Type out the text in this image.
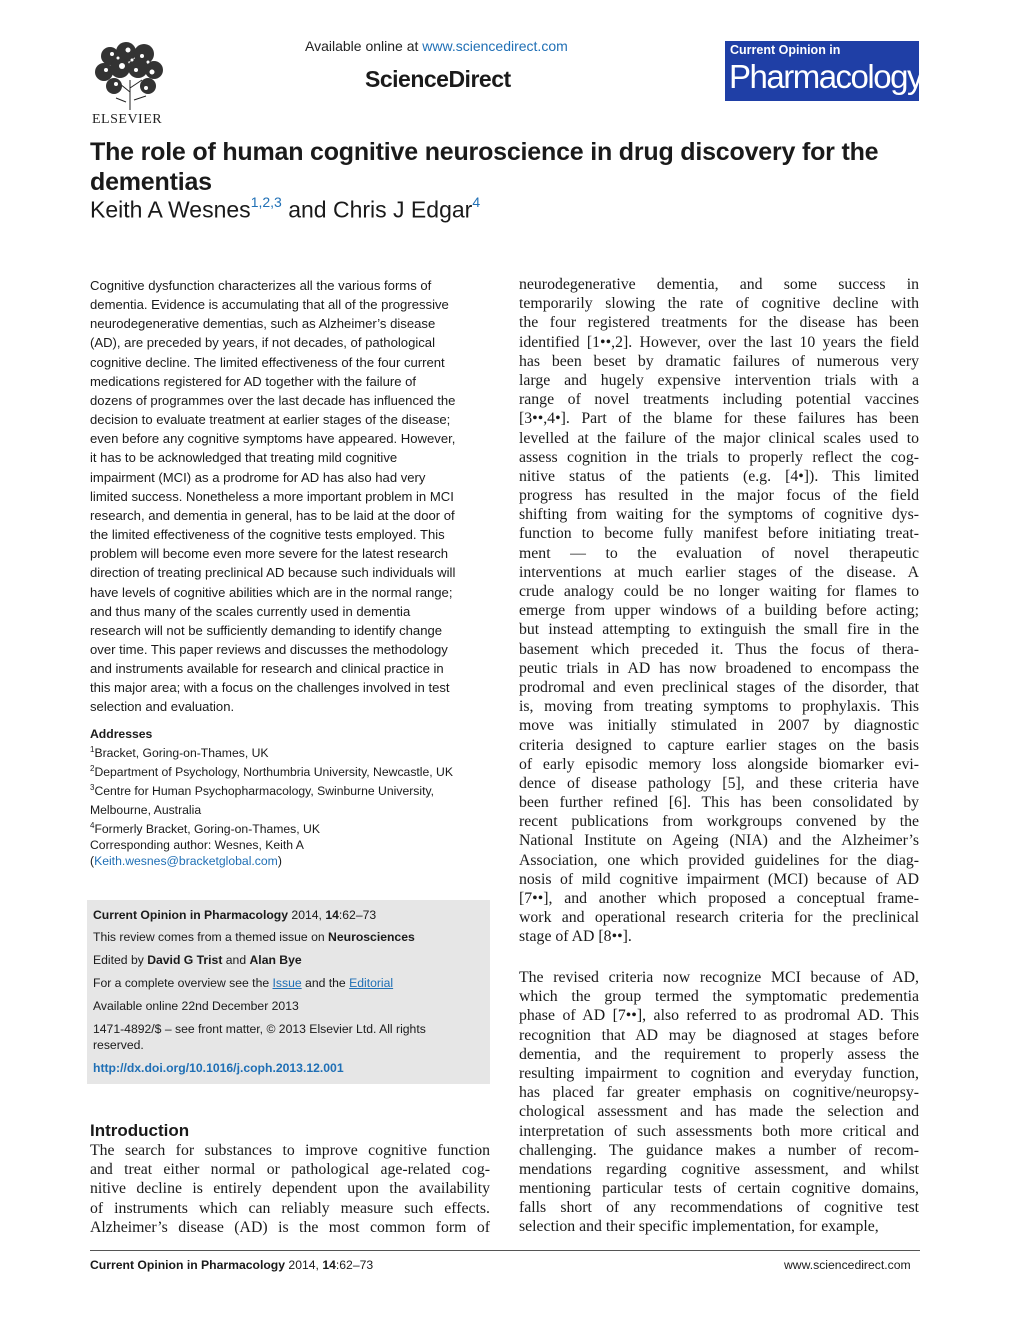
ELSEVIER
Available online at www.sciencedirect.com
ScienceDirect
Current Opinion in
Pharmacology
The role of human cognitive neuroscience in drug discovery for the dementias
Keith A Wesnes$^{1,2,3}$ and Chris J Edgar$^4$
Cognitive dysfunction characterizes all the various forms of
dementia. Evidence is accumulating that all of the progressive
neurodegenerative dementias, such as Alzheimer’s disease
(AD), are preceded by years, if not decades, of pathological
cognitive decline. The limited effectiveness of the four current
medications registered for AD together with the failure of
dozens of programmes over the last decade has influenced the
decision to evaluate treatment at earlier stages of the disease;
even before any cognitive symptoms have appeared. However,
it has to be acknowledged that treating mild cognitive
impairment (MCI) as a prodrome for AD has also had very
limited success. Nonetheless a more important problem in MCI
research, and dementia in general, has to be laid at the door of
the limited effectiveness of the cognitive tests employed. This
problem will become even more severe for the latest research
direction of treating preclinical AD because such individuals will
have levels of cognitive abilities which are in the normal range;
and thus many of the scales currently used in dementia
research will not be sufficiently demanding to identify change
over time. This paper reviews and discusses the methodology
and instruments available for research and clinical practice in
this major area; with a focus on the challenges involved in test
selection and evaluation.
Addresses
$^1$Bracket, Goring-on-Thames, UK
$^2$Department of Psychology, Northumbria University, Newcastle, UK
$^3$Centre for Human Psychopharmacology, Swinburne University,
Melbourne, Australia
$^4$Formerly Bracket, Goring-on-Thames, UK
Corresponding author: Wesnes, Keith A
(Keith.wesnes@bracketglobal.com)
Current Opinion in Pharmacology 2014, 14:62–73
This review comes from a themed issue on Neurosciences
Edited by David G Trist and Alan Bye
For a complete overview see the Issue and the Editorial
Available online 22nd December 2013
1471-4892/$ – see front matter, © 2013 Elsevier Ltd. All rights
reserved.
http://dx.doi.org/10.1016/j.coph.2013.12.001
Introduction
The search for substances to improve cognitive function
and treat either normal or pathological age-related cog-
nitive decline is entirely dependent upon the availability
of instruments which can reliably measure such effects.
Alzheimer’s disease (AD) is the most common form of
neurodegenerative dementia, and some success in
temporarily slowing the rate of cognitive decline with
the four registered treatments for the disease has been
identified [1••,2]. However, over the last 10 years the field
has been beset by dramatic failures of numerous very
large and hugely expensive intervention trials with a
range of novel treatments including potential vaccines
[3••,4•]. Part of the blame for these failures has been
levelled at the failure of the major clinical scales used to
assess cognition in the trials to properly reflect the cog-
nitive status of the patients (e.g. [4•]). This limited
progress has resulted in the major focus of the field
shifting from waiting for the symptoms of cognitive dys-
function to become fully manifest before initiating treat-
ment — to the evaluation of novel therapeutic
interventions at much earlier stages of the disease. A
crude analogy could be no longer waiting for flames to
emerge from upper windows of a building before acting;
but instead attempting to extinguish the small fire in the
basement which preceded it. Thus the focus of thera-
peutic trials in AD has now broadened to encompass the
prodromal and even preclinical stages of the disorder, that
is, moving from treating symptoms to prophylaxis. This
move was initially stimulated in 2007 by diagnostic
criteria designed to capture earlier stages on the basis
of early episodic memory loss alongside biomarker evi-
dence of disease pathology [5], and these criteria have
been further refined [6]. This has been consolidated by
recent publications from workgroups convened by the
National Institute on Ageing (NIA) and the Alzheimer’s
Association, one which provided guidelines for the diag-
nosis of mild cognitive impairment (MCI) because of AD
[7••], and another which proposed a conceptual frame-
work and operational research criteria for the preclinical
stage of AD [8••].
The revised criteria now recognize MCI because of AD,
which the group termed the symptomatic predementia
phase of AD [7••], also referred to as prodromal AD. This
recognition that AD may be diagnosed at stages before
dementia, and the requirement to properly assess the
resulting impairment to cognition and everyday function,
has placed far greater emphasis on cognitive/neuropsy-
chological assessment and has made the selection and
interpretation of such assessments both more critical and
challenging. The guidance makes a number of recom-
mendations regarding cognitive assessment, and whilst
mentioning particular tests of certain cognitive domains,
falls short of any recommendations of cognitive test
selection and their specific implementation, for example,
Current Opinion in Pharmacology 2014, 14:62–73	www.sciencedirect.com
